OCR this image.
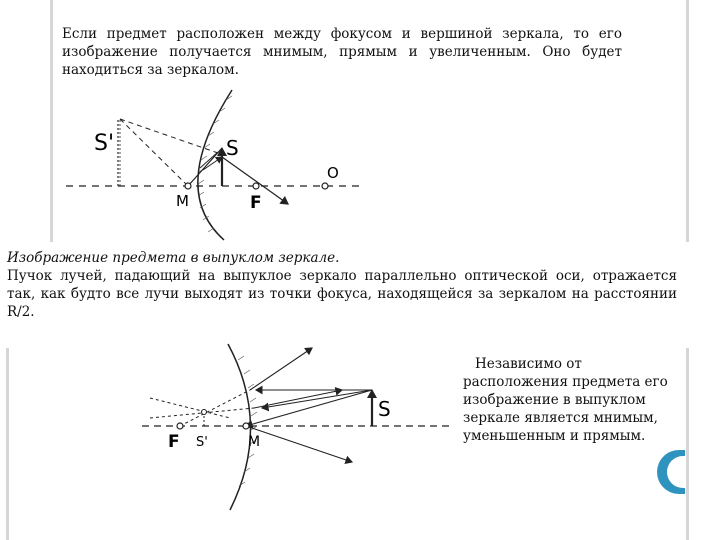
Если предмет расположен между фокусом и вершиной зеркала, то его изображение получается мнимым, прямым и увеличенным. Оно будет находиться за зеркалом.

Изображение предмета в выпуклом зеркале.

Пучок лучей, падающий на выпуклое зеркало параллельно оптической оси, отражается так, как будто все лучи выходят из точки фокуса, находящейся за зеркалом на расстоянии R/2.

Независимо от расположения предмета его изображение в выпуклом зеркале является мнимым, уменьшенным и прямым.

S'	S
O
M	F
S
F S'	M
